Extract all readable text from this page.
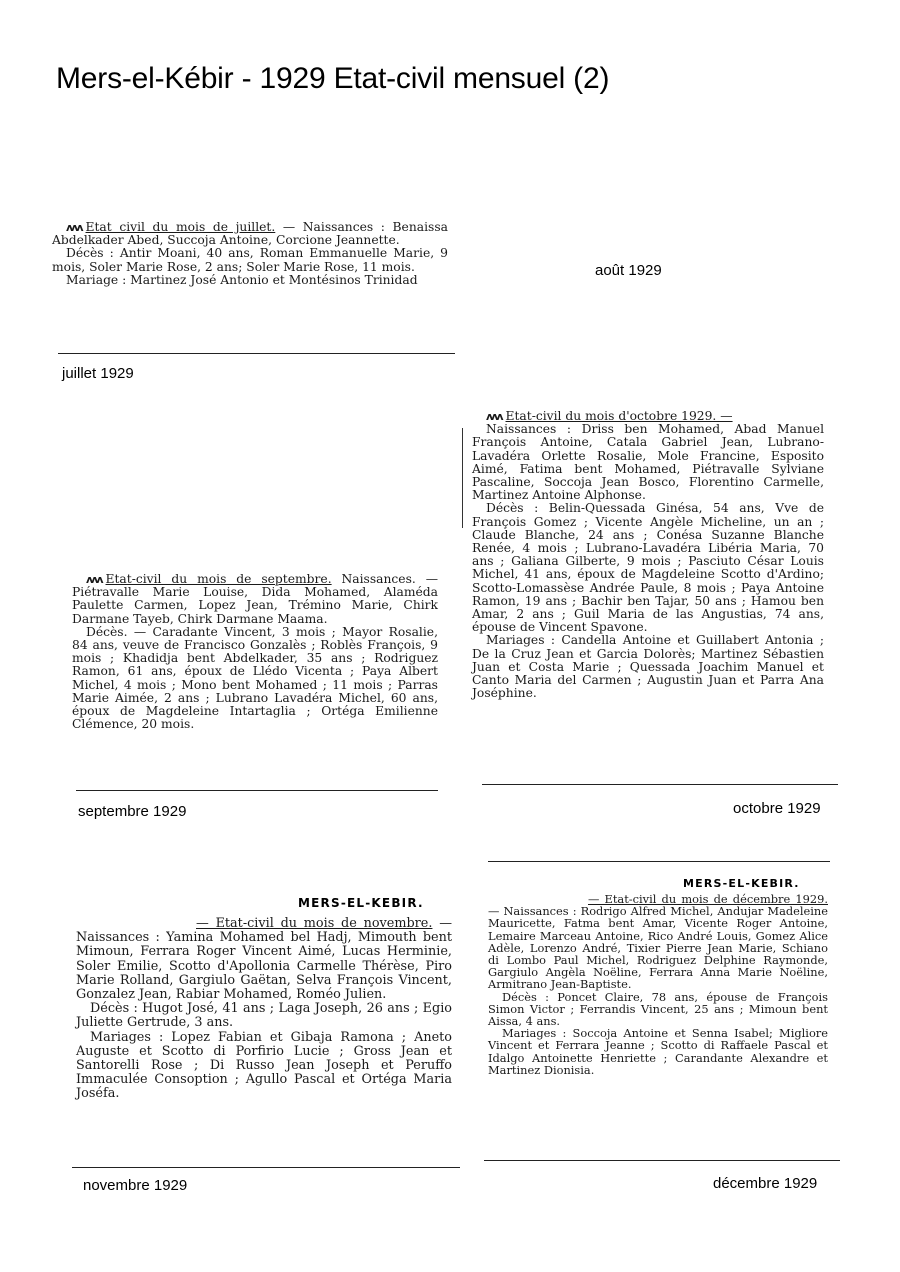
Mers-el-Kébir - 1929 Etat-civil mensuel (2)

ᴧᴧᴧ Etat civil du mois de juillet. — Naissances : Benaissa Abdelkader Abed, Succoja Antoine, Corcione Jeannette.

Décès : Antir Moani, 40 ans, Roman Emmanuelle Marie, 9 mois, Soler Marie Rose, 2 ans; Soler Marie Rose, 11 mois.

Mariage : Martinez José Antonio et Montésinos Trinidad

juillet 1929
août 1929

ᴧᴧᴧ Etat-civil du mois de septembre. Naissances. — Piétravalle Marie Louise, Dida Mohamed, Alaméda Paulette Carmen, Lopez Jean, Trémino Marie, Chirk Darmane Tayeb, Chirk Darmane Maama.

Décès. — Caradante Vincent, 3 mois ; Mayor Rosalie, 84 ans, veuve de Francisco Gonzalès ; Roblès François, 9 mois ; Khadidja bent Abdelkader, 35 ans ; Rodriguez Ramon, 61 ans, époux de Llédo Vicenta ; Paya Albert Michel, 4 mois ; Mono bent Mohamed ; 11 mois ; Parras Marie Aimée, 2 ans ; Lubrano Lavadéra Michel, 60 ans, époux de Magdeleine Intartaglia ; Ortéga Emilienne Clémence, 20 mois.

septembre 1929

ᴧᴧᴧ Etat-civil du mois d'octobre 1929. —

Naissances : Driss ben Mohamed, Abad Manuel François Antoine, Catala Gabriel Jean, Lubrano-Lavadéra Orlette Rosalie, Mole Francine, Esposito Aimé, Fatima bent Mohamed, Piétravalle Sylviane Pascaline, Soccoja Jean Bosco, Florentino Carmelle, Martinez Antoine Alphonse.

Décès : Belin-Quessada Ginésa, 54 ans, Vve de François Gomez ; Vicente Angèle Micheline, un an ; Claude Blanche, 24 ans ; Conésa Suzanne Blanche Renée, 4 mois ; Lubrano-Lavadéra Libéria Maria, 70 ans ; Galiana Gilberte, 9 mois ; Pasciuto César Louis Michel, 41 ans, époux de Magdeleine Scotto d'Ardino; Scotto-Lomassèse Andrée Paule, 8 mois ; Paya Antoine Ramon, 19 ans ; Bachir ben Tajar, 50 ans ; Hamou ben Amar, 2 ans ; Guil Maria de las Angustias, 74 ans, épouse de Vincent Spavone.

Mariages : Candella Antoine et Guillabert Antonia ; De la Cruz Jean et Garcia Dolorès; Martinez Sébastien Juan et Costa Marie ; Quessada Joachim Manuel et Canto Maria del Carmen ; Augustin Juan et Parra Ana Joséphine.

octobre 1929
MERS-EL-KEBIR.

— Etat-civil du mois de novembre. — Naissances : Yamina Mohamed bel Hadj, Mimouth bent Mimoun, Ferrara Roger Vincent Aimé, Lucas Herminie, Soler Emilie, Scotto d'Apollonia Carmelle Thérèse, Piro Marie Rolland, Gargiulo Gaëtan, Selva François Vincent, Gonzalez Jean, Rabiar Mohamed, Roméo Julien.

Décès : Hugot José, 41 ans ; Laga Joseph, 26 ans ; Egio Juliette Gertrude, 3 ans.

Mariages : Lopez Fabian et Gibaja Ramona ; Aneto Auguste et Scotto di Porfirio Lucie ; Gross Jean et Santorelli Rose ; Di Russo Jean Joseph et Peruffo Immaculée Consoption ; Agullo Pascal et Ortéga Maria Joséfa.

novembre 1929
MERS-EL-KEBIR.

— Etat-civil du mois de décembre 1929. — Naissances : Rodrigo Alfred Michel, Andujar Madeleine Mauricette, Fatma bent Amar, Vicente Roger Antoine, Lemaire Marceau Antoine, Rico André Louis, Gomez Alice Adèle, Lorenzo André, Tixier Pierre Jean Marie, Schiano di Lombo Paul Michel, Rodriguez Delphine Raymonde, Gargiulo Angèla Noëline, Ferrara Anna Marie Noëline, Armitrano Jean-Baptiste.

Décès : Poncet Claire, 78 ans, épouse de François Simon Victor ; Ferrandis Vincent, 25 ans ; Mimoun bent Aissa, 4 ans.

Mariages : Soccoja Antoine et Senna Isabel; Migliore Vincent et Ferrara Jeanne ; Scotto di Raffaele Pascal et Idalgo Antoinette Henriette ; Carandante Alexandre et Martinez Dionisia.

décembre 1929
